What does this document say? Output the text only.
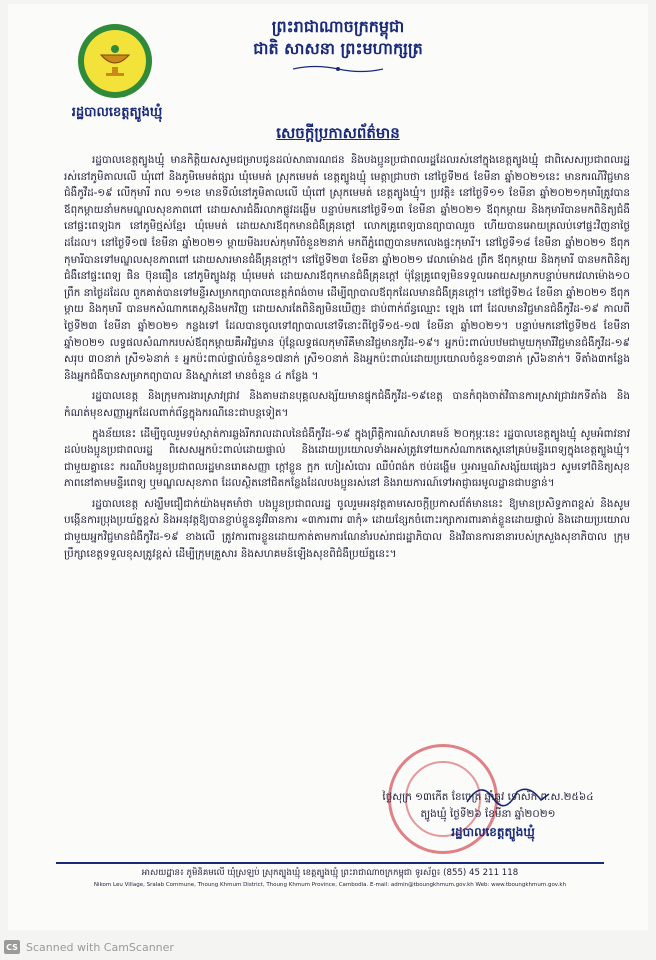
រដ្ឋបាលខេត្តត្បូងឃ្មុំ
ព្រះរាជាណាចក្រកម្ពុជា
ជាតិ សាសនា ព្រះមហាក្សត្រ
សេចក្តីប្រកាសព័ត៌មាន

រដ្ឋបាលខេត្តត្បូងឃ្មុំ មានកិត្តិយសសូមជម្រាបជូនដល់សាធារណជន និងបងប្អូនប្រជាពលរដ្ឋដែលរស់នៅក្នុងខេត្តត្បូងឃ្មុំ ជាពិសេសប្រជាពលរដ្ឋរស់នៅភូមិតាលលើ ឃុំពៅ និងភូមិមេមត់ផ្សារ ឃុំមេមត់ ស្រុកមេមត់ ខេត្តត្បូងឃ្មុំ មេត្តាជ្រាបថា នៅថ្ងៃទី២៥ ខែមីនា ឆ្នាំ២០២១នេះ មានករណីវិជ្ជមានជំងឺកូវីដ-១៩ លើកុមារី រាល ១១ខេ មានទីលំនៅភូមិតាលលើ ឃុំពៅ ស្រុកមេមត់ ខេត្តត្បូងឃ្មុំ។ ប្រវត្តិ៖ នៅថ្ងៃទី១១ ខែមីនា ឆ្នាំ២០២១កុមារីត្រូវបានឪពុកម្ដាយនាំមកមណ្ឌលសុខភាពពៅ ដោយសារជំងឺរលាកផ្លូវដង្ហើម បន្ទាប់មកនៅថ្ងៃទី១៣ ខែមីនា ឆ្នាំ២០២១ ឪពុកម្ដាយ និងកុមារីបានមកពិនិត្យជំងឺនៅផ្ទះពេទ្យឯក នៅភូមិថ្មស់ខ្មែរ ឃុំមេមត់ ដោយសារឪពុកមានជំងឺគ្រុនក្ដៅ លោកគ្រូពេទ្យបានព្យាបាលរួច ហើយបានអោយត្រលប់ទៅផ្ទះវិញនាថ្ងៃដដែល។ នៅថ្ងៃទី១៧ ខែមីនា ឆ្នាំ២០២១ ម្ដាយមីងរបស់កុមារីចំនួន២នាក់ មកពីភ្នំពេញបានមកលេងផ្ទះកុមារី។ នៅថ្ងៃទី១៨ ខែមីនា ឆ្នាំ២០២១ ឪពុកកុមារីបានទៅមណ្ឌលសុខភាពពៅ ដោយសារមានជំងឺគ្រុនក្ដៅ។ នៅថ្ងៃទី២៣ ខែមីនា ឆ្នាំ២០២១ វេលាម៉ោង៥ ព្រឹក ឪពុកម្ដាយ និងកុមារី បានមកពិនិត្យជំងឺនៅផ្ទះពេទ្យ ផិន ប៊ុនធឿន នៅភូមិត្បូងវត្ត ឃុំមេមត់ ដោយសារឪពុកមានជំងឺគ្រុនក្ដៅ ប៉ុន្តែគ្រូពេទ្យមិនទទួលអោយសម្រាកបន្ទាប់មកវេលាម៉ោង១០ ព្រឹក នាថ្ងៃដដែល ពួកគាត់បានទៅមន្ទីរសម្រាកព្យាបាលខេត្តកំពង់ចាម ដើម្បីព្យាបាលឪពុកដែលមានជំងឺគ្រុនក្ដៅ។ នៅថ្ងៃទី២៤ ខែមីនា ឆ្នាំ២០២១ ឪពុកម្ដាយ និងកុមារី បានមកសំណាកតេស្តនិងមកវិញ ដោយសារតែពិនិត្យមិនឃើញ៖ ជាប់ពាក់ព័ន្ធឈ្មោះ ឡេង ពៅ ដែលមានវិជ្ជមានជំងឺកូវីដ-១៩ កាលពីថ្ងៃទី២៣ ខែមីនា ឆ្នាំ២០២១ កន្លងទៅ ដែលបានចូលទៅព្យាបាលនៅទីនោះពីថ្ងៃទី១៥-១៧ ខែមីនា ឆ្នាំ២០២១។ បន្ទាប់មកនៅថ្ងៃទី២៥ ខែមីនា ឆ្នាំ២០២១ លទ្ធផលសំណាករបស់ឪពុកម្ដាយគឺអវិជ្ជមាន ប៉ុន្តែលទ្ធផលកុមារីគឺមានវិជ្ជមានកូវីដ-១៩។ អ្នកប៉ះពាល់បឋមជាមួយកុមារីវិជ្ជមានជំងឺកូវីដ-១៩ សរុប ៣០នាក់ ស្រី១៦នាក់ ៖ អ្នកប៉ះពាល់ផ្ទាល់ចំនួន១៧នាក់ ស្រី១០នាក់ និងអ្នកប៉ះពាល់ដោយប្រយោលចំនួន១៣នាក់ ស្រី៦នាក់។ ទីតាំង៣កន្លែង និងអ្នកជំងឺបានសម្រាកព្យាបាល និងស្នាក់នៅ មានចំនួន ៤ កន្លែង ។

រដ្ឋបាលខេត្ត និងក្រុមការងារស្រាវជ្រាវ និងតាមដានបុគ្គលសង្ស័យមានផ្ទុកជំងឺកូវីដ-១៩ខេត្ត បានកំពុងចាត់វិធានការស្រាវជ្រាវរកទីតាំង និងកំណត់មុខសញ្ញាអ្នកដែលពាក់ព័ន្ធក្នុងករណីនេះជាបន្តទៀត។

ក្នុងន័យនេះ ដើម្បីចូលរួមទប់ស្កាត់ការឆ្លងរីករាលដាលនៃជំងឺកូវីដ-១៩ ក្នុងព្រឹត្តិការណ៍សហគមន៍ ២០កុម្ភៈនេះ រដ្ឋបាលខេត្តត្បូងឃ្មុំ សូមអំពាវនាវដល់បងប្អូនប្រជាពលរដ្ឋ ពិសេសអ្នកប៉ះពាល់ដោយផ្ទាល់ និងដោយប្រយោលទាំងអស់ត្រូវទៅយកសំណាកតេស្តនៅគ្រប់មន្ទីរពេទ្យក្នុងខេត្តត្បូងឃ្មុំ។ ជាមួយគ្នានេះ ករណីបងប្អូនប្រជាពលរដ្ឋមានរោគសញ្ញា ក្ដៅខ្លួន ក្អក ហៀរសំបោរ ឈឺបំពង់ក ថប់ដង្ហើម ឬអារម្មណ៍សង្ស័យផ្សេងៗ សូមទៅពិនិត្យសុខភាពនៅតាមមន្ទីរពេទ្យ ឬមណ្ឌលសុខភាព ដែលស្ថិតនៅជិតកន្លែងដែលបងប្អូនរស់នៅ និងរាយការណ៍ទៅអាជ្ញាធរមូលដ្ឋានជាបន្ទាន់។

រដ្ឋបាលខេត្ត សង្ឃឹមជឿជាក់យ៉ាងមុតមាំថា បងប្អូនប្រជាពលរដ្ឋ ចូលរួមអនុវត្តតាមសេចក្តីប្រកាសព័ត៌មាននេះ ឱ្យមានប្រសិទ្ធភាពខ្ពស់ និងសូមបង្កើនការប្រុងប្រយ័ត្នខ្ពស់ និងអនុវត្តឱ្យបានខ្ជាប់ខ្ជួននូវវិធានការ «៣ការពារ ៣កុំ» ដោយខ្សែកចំពោះរក្សាការពារគាត់ខ្លួនដោយផ្ទាល់ និងដោយប្រយោលជាមួយអ្នកវិជ្ជមានជំងឺកូវីដ-១៩ ខាងលើ ត្រូវការពារខ្លួនដោយកាត់តាមការណែនាំរបស់រាជរដ្ឋាភិបាល និងវិធានការនានារបស់ក្រសួងសុខាភិបាល ក្រុមប្រឹក្សាខេត្តទទួលខុសត្រូវខ្ពស់ ដើម្បីក្រុមគ្រួសារ និងសហគមន៍ឡើងសុខពិជំងឺប្រយ័ត្ននេះ។

ថ្ងៃសុក្រ ១៣កើត ខែចេត្រ ឆ្នាំឆ្លូវ ទោស័ក ព.ស.២៥៦៤
ត្បូងឃ្មុំ ថ្ងៃទី២៦ ខែមីនា ឆ្នាំ២០២១
រដ្ឋបាលខេត្តត្បូងឃ្មុំ
អាសយដ្ឋាន៖ ភូមិនិគមលើ ឃុំស្រឡប់ ស្រុកត្បូងឃ្មុំ ខេត្តត្បូងឃ្មុំ ព្រះរាជាណាចក្រកម្ពុជា ទូរស័ព្ទ៖ (855) 45 211 118
Nikom Leu Village, Sralab Commune, Thoung Khmum District, Thoung Khmum Province, Cambodia. E-mail: admin@tboungkhmum.gov.kh Web: www.tboungkhmum.gov.kh
CS Scanned with CamScanner
